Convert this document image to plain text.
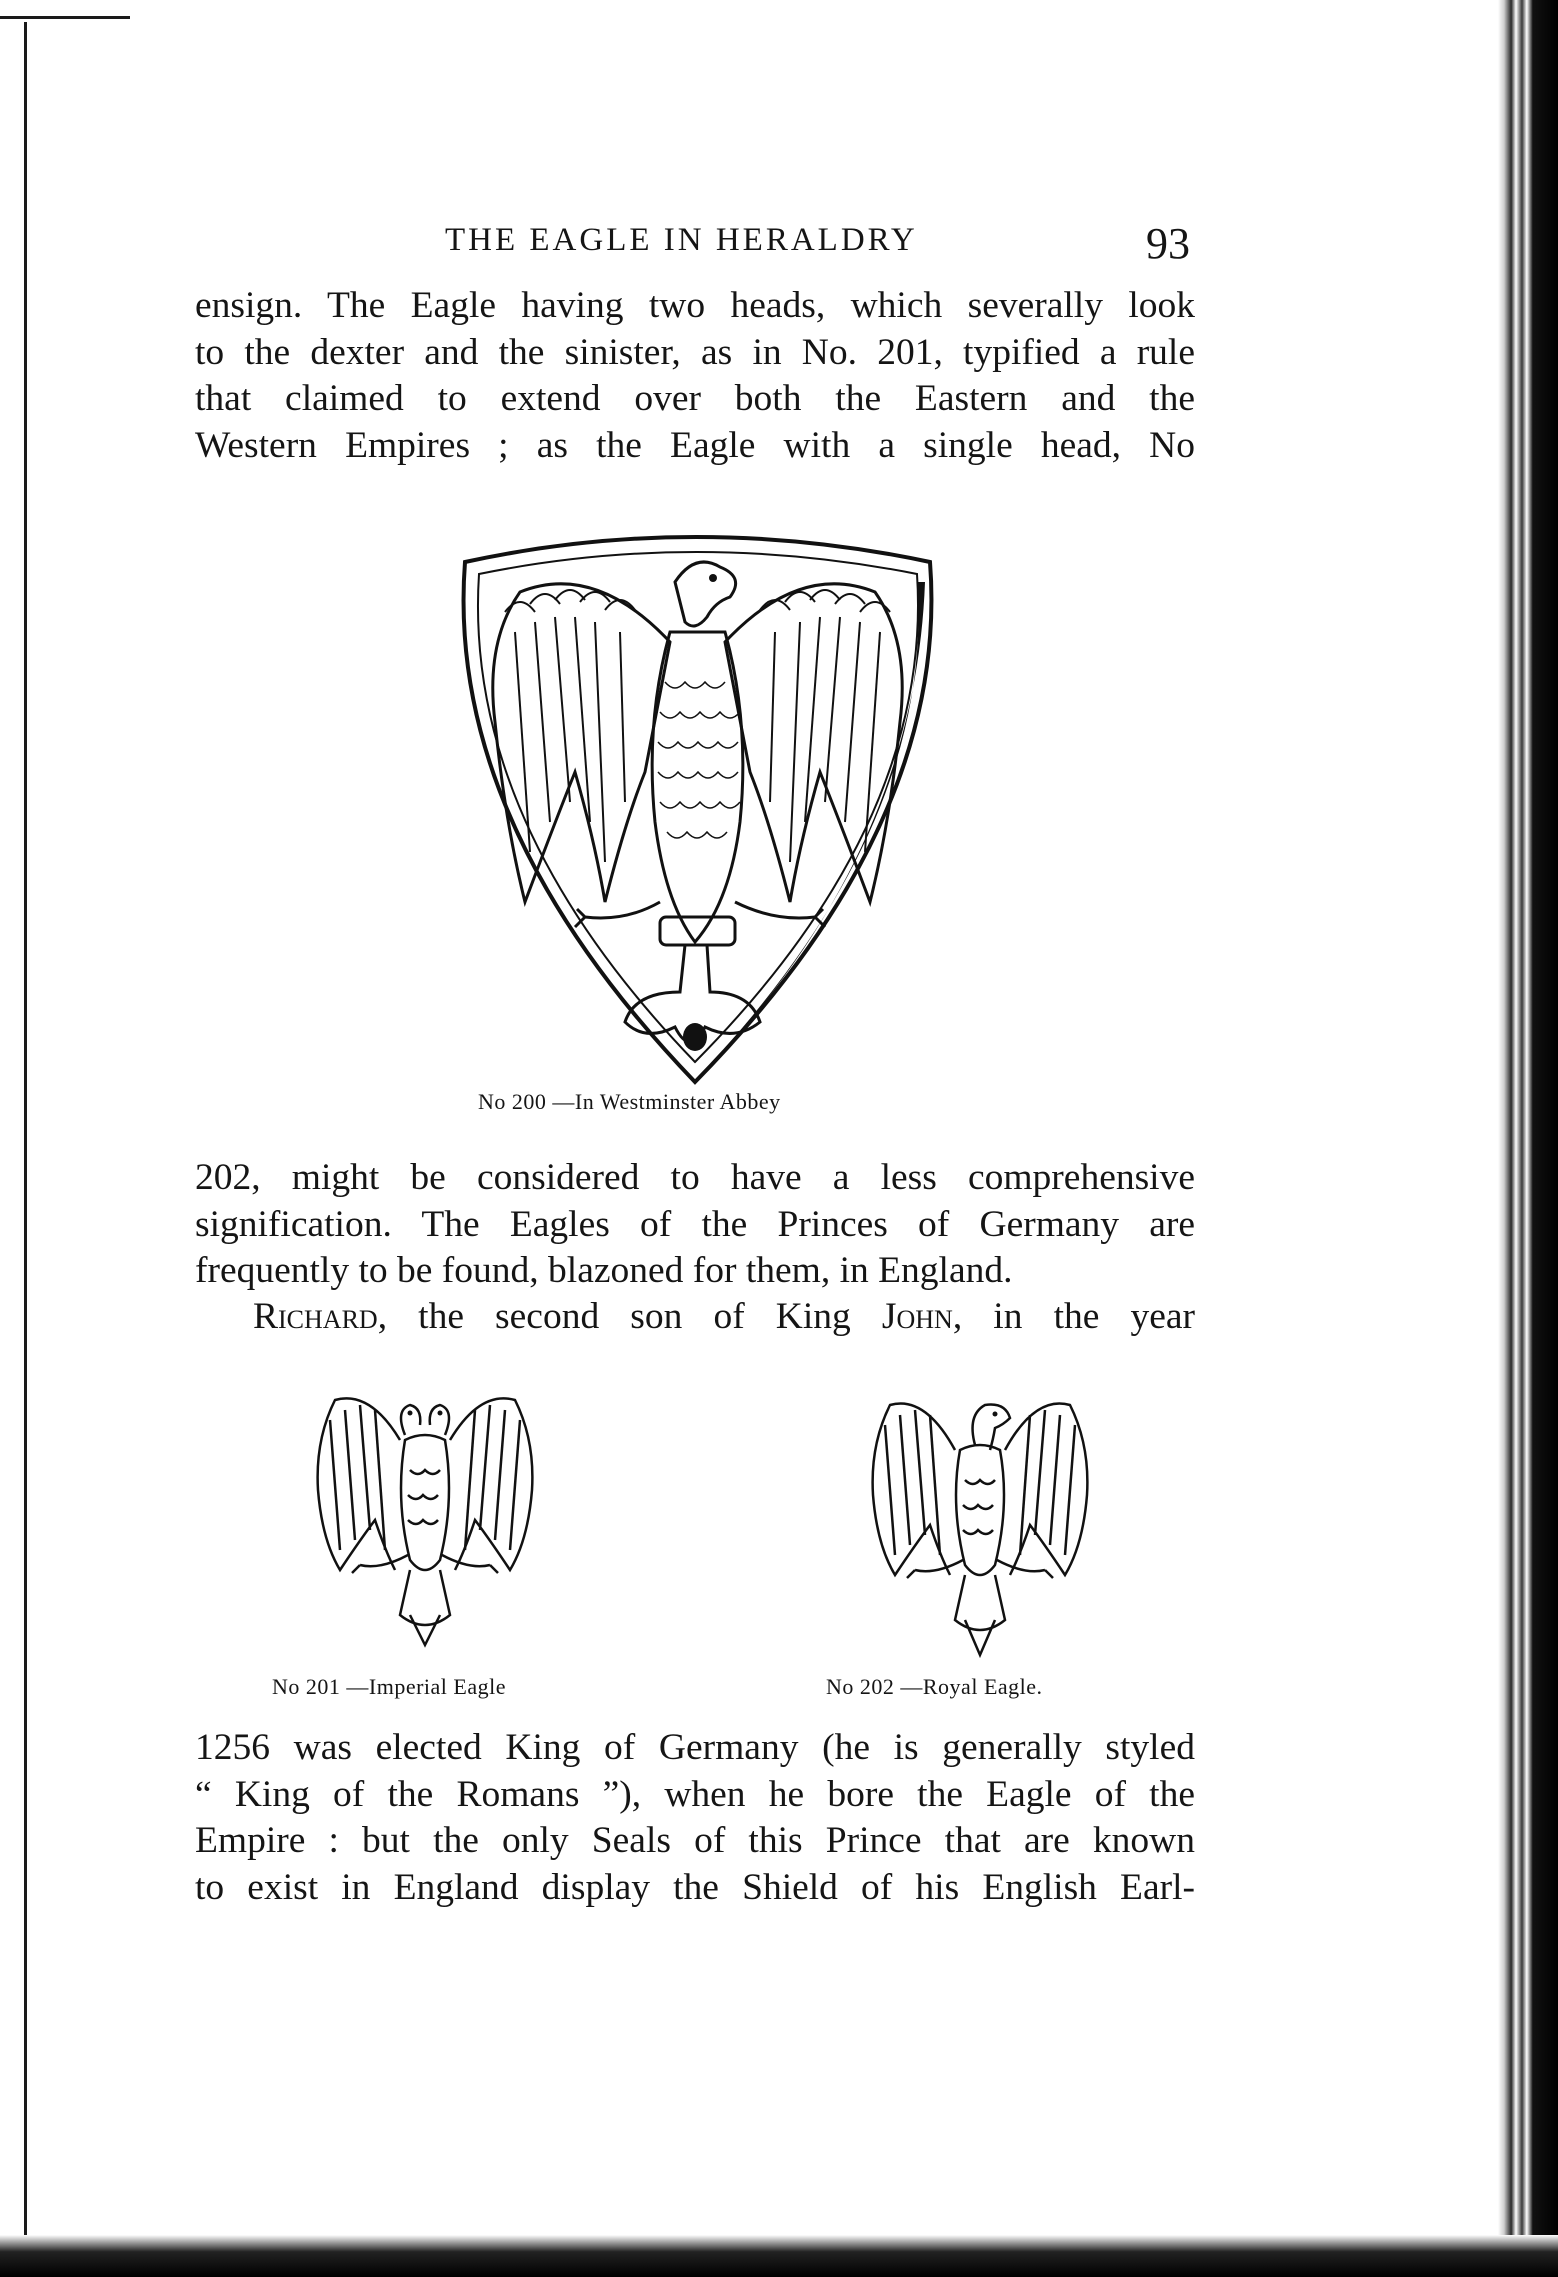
THE EAGLE IN HERALDRY	93
ensign. The Eagle having two heads, which severally look
to the dexter and the sinister, as in No. 201, typified a rule
that claimed to extend over both the Eastern and the
Western Empires ; as the Eagle with a single head, No
No 200 —In Westminster Abbey
202, might be considered to have a less comprehensive
signification. The Eagles of the Princes of Germany are
frequently to be found, blazoned for them, in England.
Richard, the second son of King John, in the year
No 201 —Imperial Eagle	No 202 —Royal Eagle.
1256 was elected King of Germany (he is generally styled
“ King of the Romans ”), when he bore the Eagle of the
Empire : but the only Seals of this Prince that are known
to exist in England display the Shield of his English Earl-
